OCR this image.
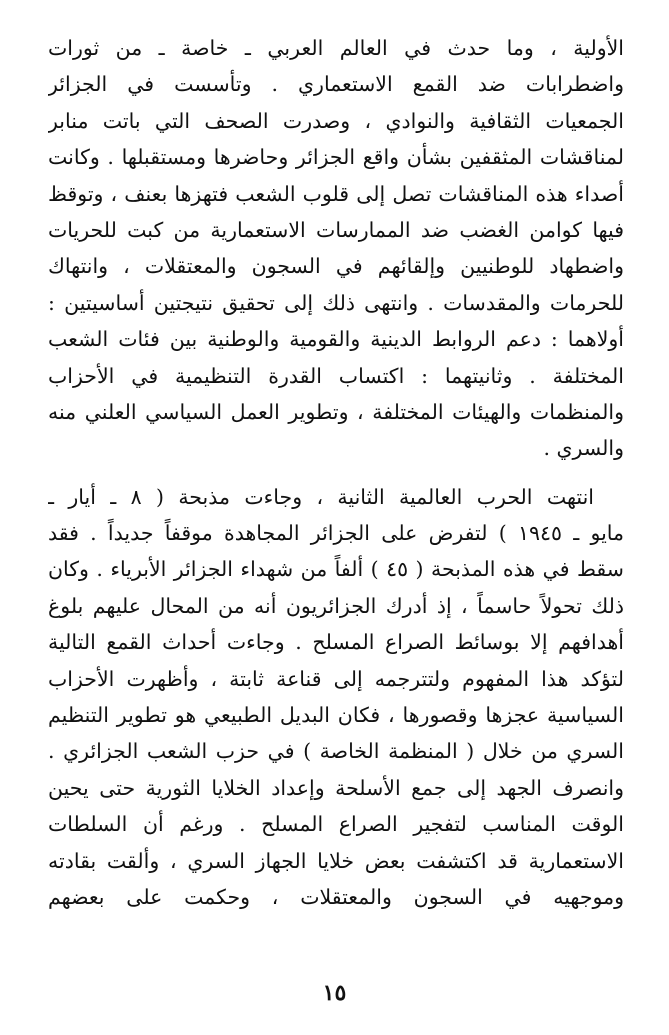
الأولية ، وما حدث في العالم العربي ـ خاصة ـ من ثورات
واضطرابات ضد القمع الاستعماري . وتأسست في الجزائر
الجمعيات الثقافية والنوادي ، وصدرت الصحف التي باتت منابر
لمناقشات المثقفين بشأن واقع الجزائر وحاضرها ومستقبلها . وكانت
أصداء هذه المناقشات تصل إلى قلوب الشعب فتهزها بعنف ، وتوقظ
فيها كوامن الغضب ضد الممارسات الاستعمارية من كبت للحريات
واضطهاد للوطنيين وإلقائهم في السجون والمعتقلات ، وانتهاك
للحرمات والمقدسات . وانتهى ذلك إلى تحقيق نتيجتين أساسيتين :
أولاهما : دعم الروابط الدينية والقومية والوطنية بين فئات الشعب
المختلفة . وثانيتهما : اكتساب القدرة التنظيمية في الأحزاب
والمنظمات والهيئات المختلفة ، وتطوير العمل السياسي العلني منه
والسري .
انتهت الحرب العالمية الثانية ، وجاءت مذبحة ( ٨ ـ أيار ـ
مايو ـ ١٩٤٥ ) لتفرض على الجزائر المجاهدة موقفاً جديداً . فقد
سقط في هذه المذبحة ( ٤٥ ) ألفاً من شهداء الجزائر الأبرياء . وكان
ذلك تحولاً حاسماً ، إذ أدرك الجزائريون أنه من المحال عليهم بلوغ
أهدافهم إلا بوسائط الصراع المسلح . وجاءت أحداث القمع التالية
لتؤكد هذا المفهوم ولتترجمه إلى قناعة ثابتة ، وأظهرت الأحزاب
السياسية عجزها وقصورها ، فكان البديل الطبيعي هو تطوير التنظيم
السري من خلال ( المنظمة الخاصة ) في حزب الشعب الجزائري .
وانصرف الجهد إلى جمع الأسلحة وإعداد الخلايا الثورية حتى يحين
الوقت المناسب لتفجير الصراع المسلح . ورغم أن السلطات
الاستعمارية قد اكتشفت بعض خلايا الجهاز السري ، وألقت بقادته
وموجهيه في السجون والمعتقلات ، وحكمت على بعضهم
١٥
